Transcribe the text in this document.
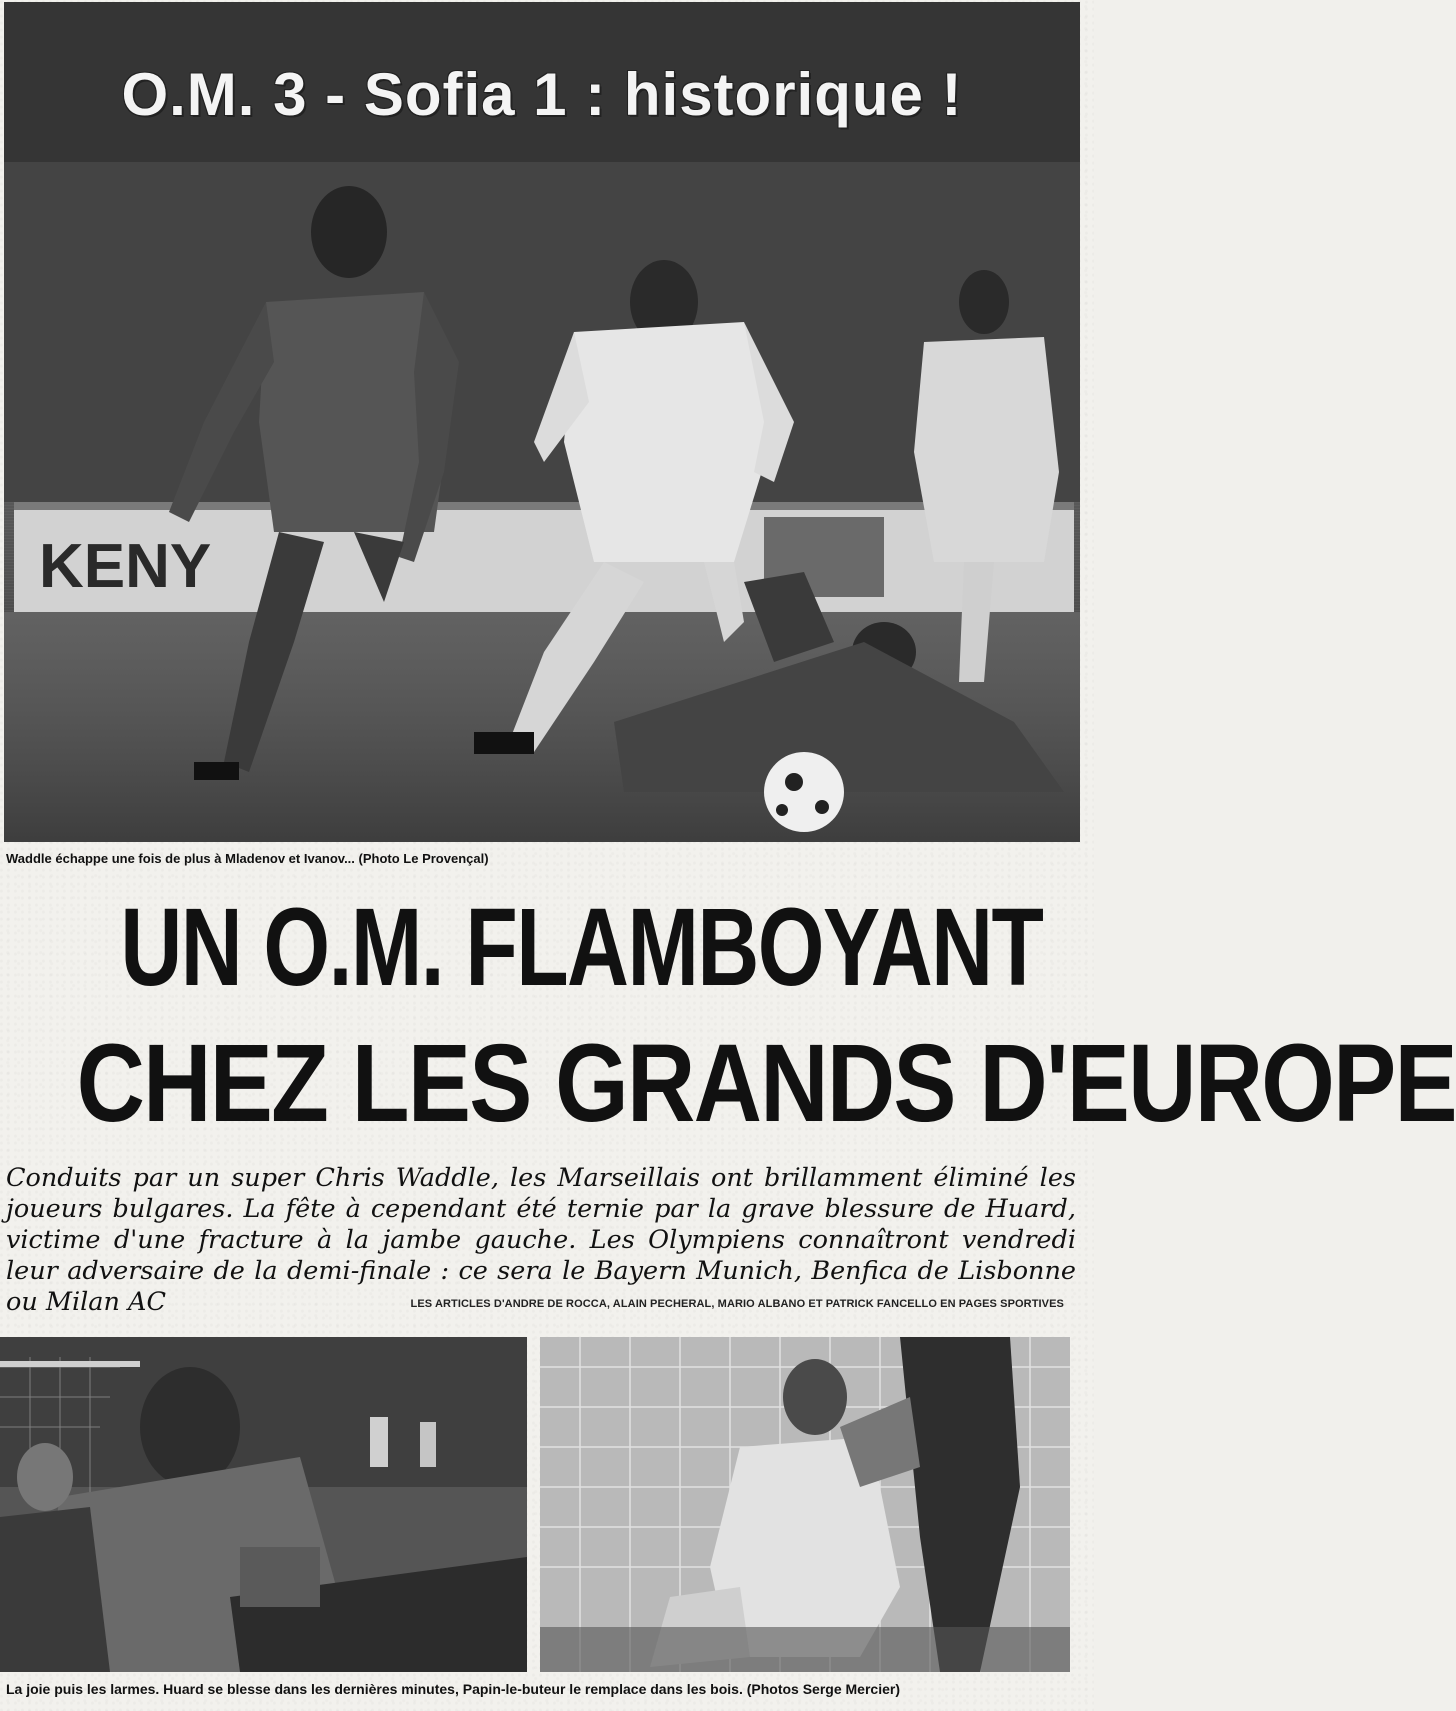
KENY
O.M. 3 - Sofia 1 : historique !
Waddle échappe une fois de plus à Mladenov et Ivanov... (Photo Le Provençal)
UN O.M. FLAMBOYANT
CHEZ LES GRANDS D'EUROPE

Conduits par un super Chris Waddle, les Marseillais ont brillamment éliminé les joueurs bulgares. La fête à cependant été ternie par la grave blessure de Huard, victime d'une fracture à la jambe gauche. Les Olympiens connaîtront vendredi leur adversaire de la demi-finale : ce sera le Bayern Munich, Benfica de Lisbonne ou Milan AC	LES ARTICLES D'ANDRE DE ROCCA, ALAIN PECHERAL, MARIO ALBANO ET PATRICK FANCELLO EN PAGES SPORTIVES
La joie puis les larmes. Huard se blesse dans les dernières minutes, Papin-le-buteur le remplace dans les bois. (Photos Serge Mercier)
